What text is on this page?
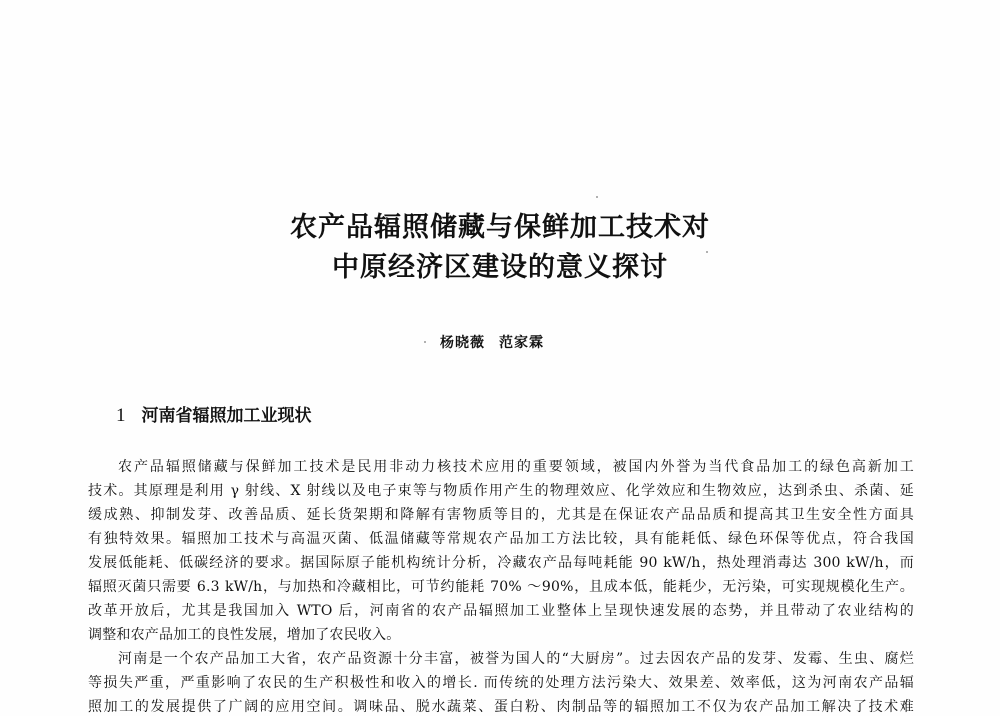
农产品辐照储藏与保鲜加工技术对
中原经济区建设的意义探讨
杨晓薇 范家霖
1 河南省辐照加工业现状
农产品辐照储藏与保鲜加工技术是民用非动力核技术应用的重要领域，被国内外誉为当代食品加工的绿色高新加工
技术。其原理是利用 γ 射线、X 射线以及电子束等与物质作用产生的物理效应、化学效应和生物效应，达到杀虫、杀菌、延
缓成熟、抑制发芽、改善品质、延长货架期和降解有害物质等目的，尤其是在保证农产品品质和提高其卫生安全性方面具
有独特效果。辐照加工技术与高温灭菌、低温储藏等常规农产品加工方法比较，具有能耗低、绿色环保等优点，符合我国
发展低能耗、低碳经济的要求。据国际原子能机构统计分析，冷藏农产品每吨耗能 90 kW/h，热处理消毒达 300 kW/h，而
辐照灭菌只需要 6.3 kW/h，与加热和冷藏相比，可节约能耗 70% ～90%，且成本低，能耗少，无污染，可实现规模化生产。
改革开放后，尤其是我国加入 WTO 后，河南省的农产品辐照加工业整体上呈现快速发展的态势，并且带动了农业结构的
调整和农产品加工的良性发展，增加了农民收入。
河南是一个农产品加工大省，农产品资源十分丰富，被誉为国人的“大厨房”。过去因农产品的发芽、发霉、生虫、腐烂
等损失严重，严重影响了农民的生产积极性和收入的增长. 而传统的处理方法污染大、效果差、效率低，这为河南农产品辐
照加工的发展提供了广阔的应用空间。调味品、脱水蔬菜、蛋白粉、肉制品等的辐照加工不仅为农产品加工解决了技术难
